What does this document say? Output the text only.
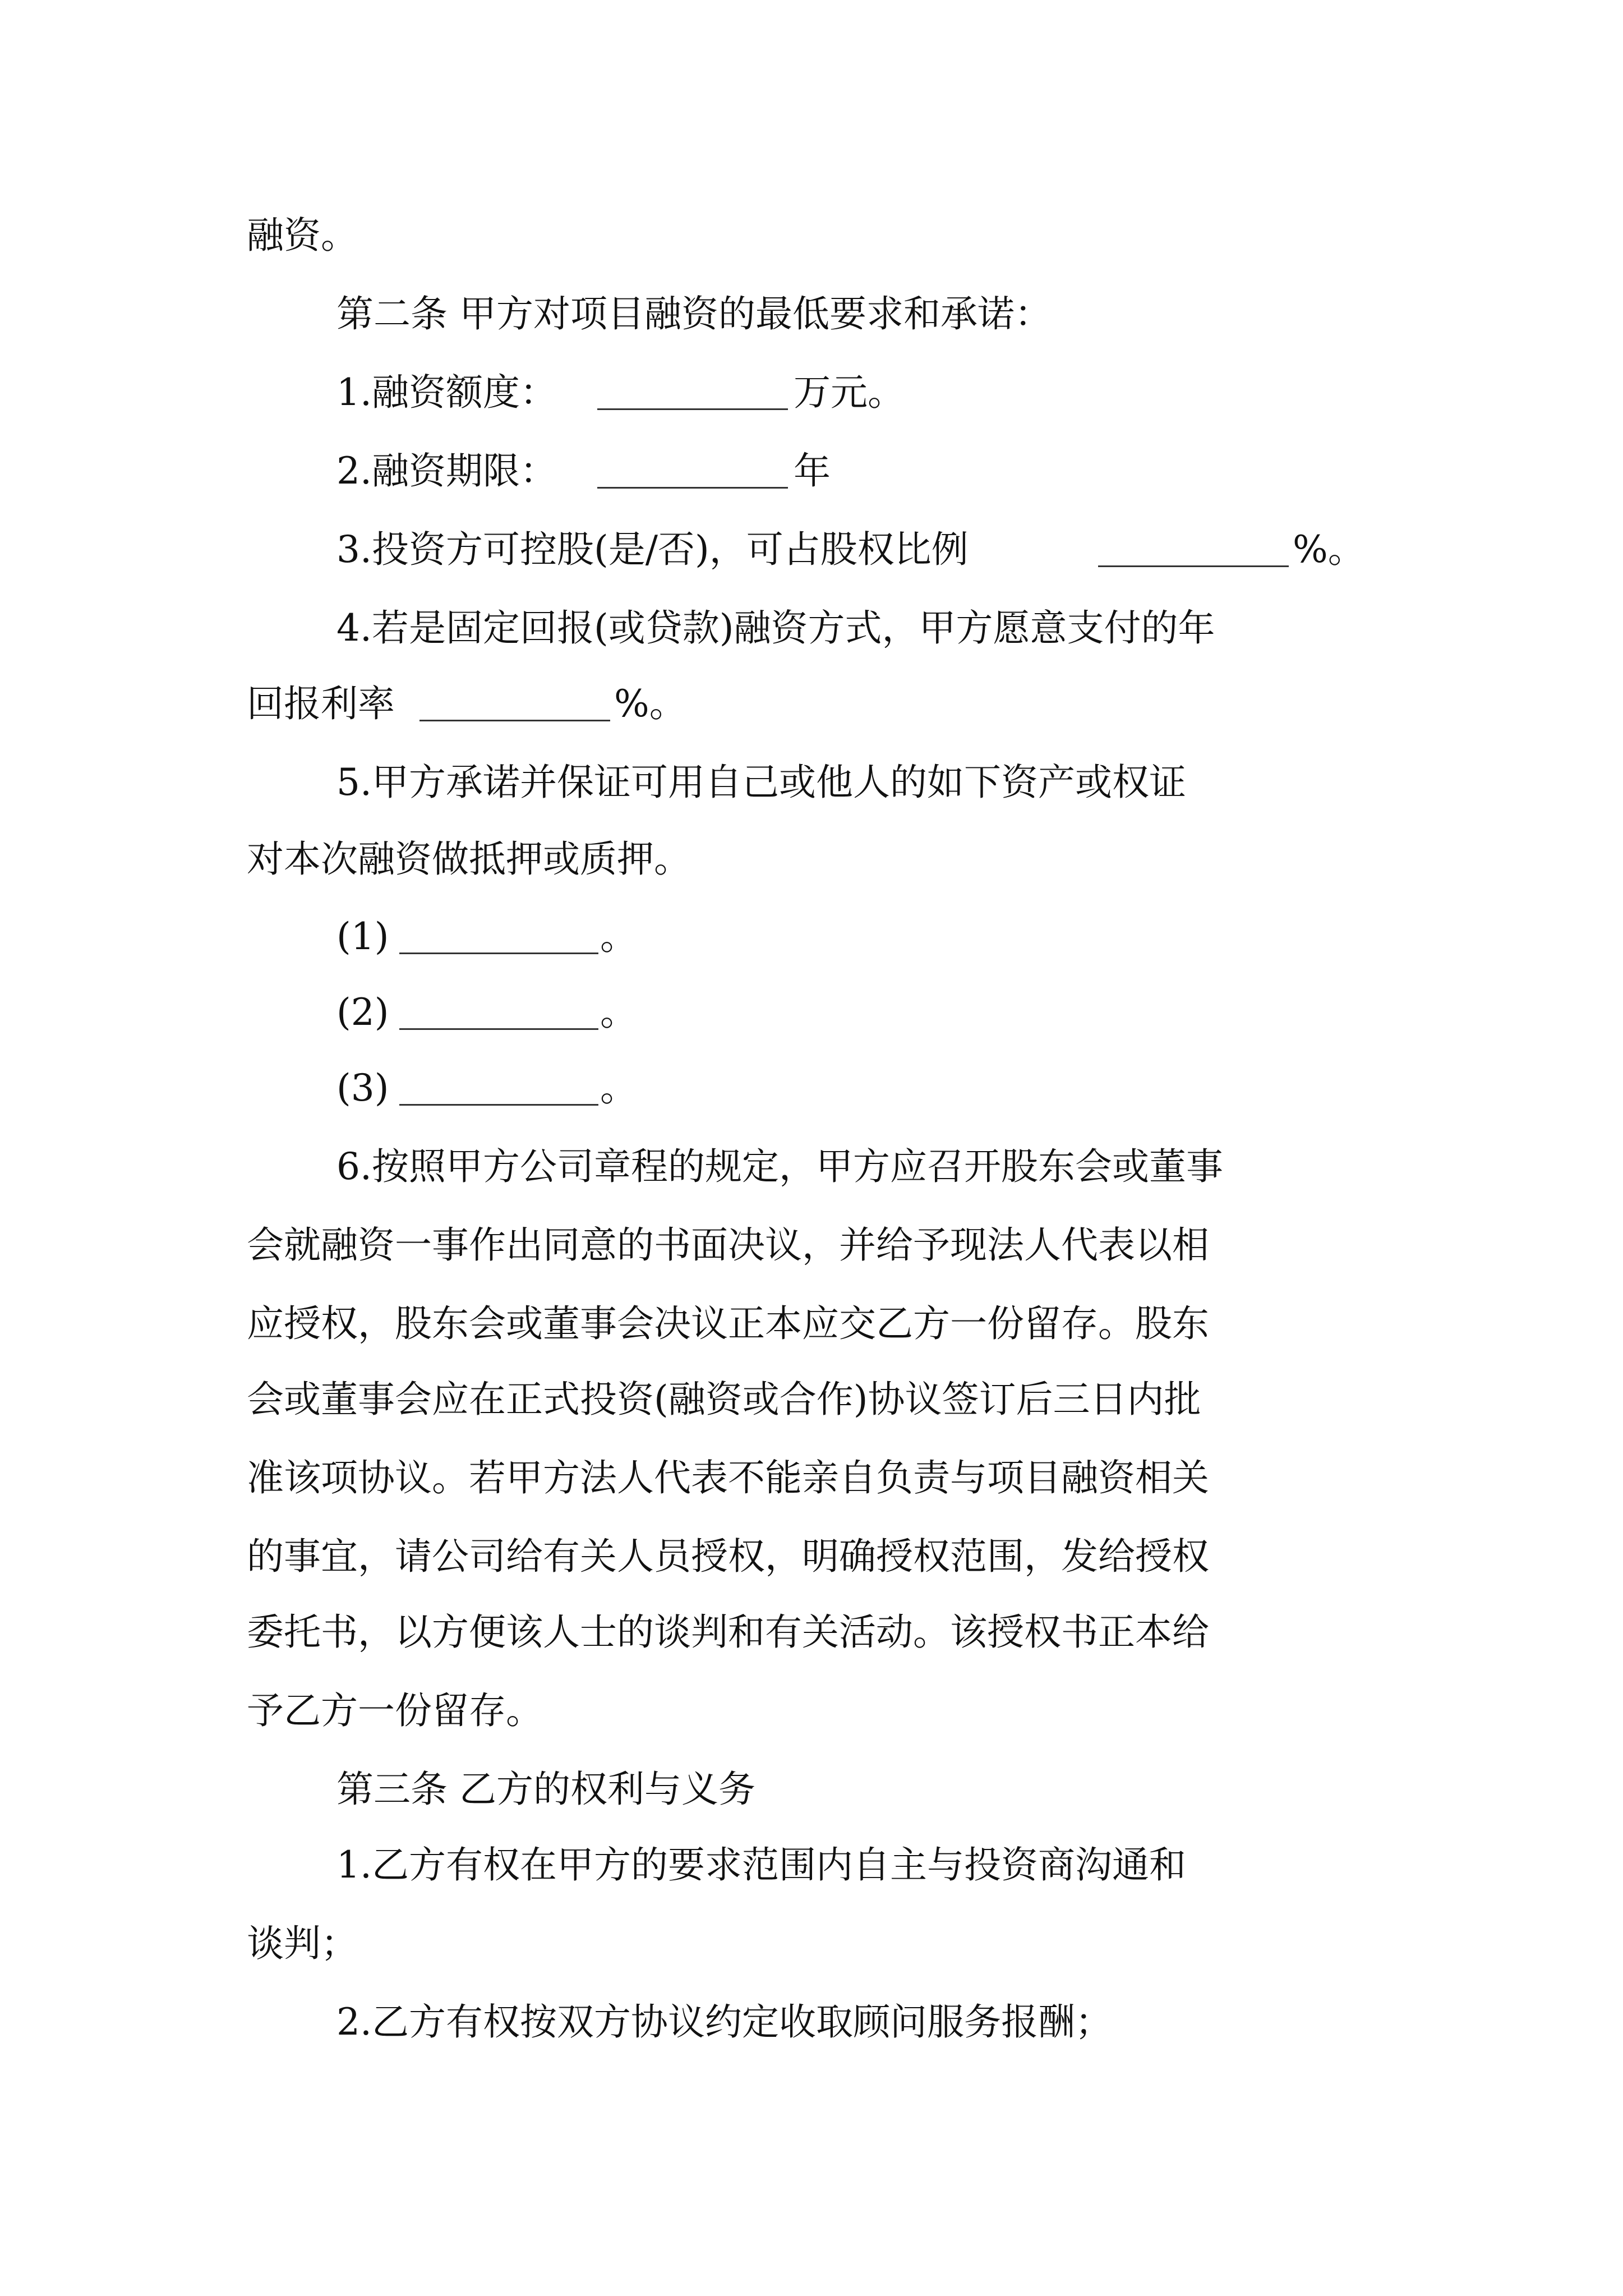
融资。
第二条 甲方对项目融资的最低要求和承诺：
1.融资额度：	万元。
2.融资期限：	年
3.投资方可控股(是/否)，可占股权比例	%。
4.若是固定回报(或贷款)融资方式，甲方愿意支付的年
回报利率	%。
5.甲方承诺并保证可用自己或他人的如下资产或权证
对本次融资做抵押或质押。
(1)	。
(2)	。
(3)	。
6.按照甲方公司章程的规定，甲方应召开股东会或董事
会就融资一事作出同意的书面决议，并给予现法人代表以相
应授权，股东会或董事会决议正本应交乙方一份留存。股东
会或董事会应在正式投资(融资或合作)协议签订后三日内批
准该项协议。若甲方法人代表不能亲自负责与项目融资相关
的事宜，请公司给有关人员授权，明确授权范围，发给授权
委托书，以方便该人士的谈判和有关活动。该授权书正本给
予乙方一份留存。
第三条 乙方的权利与义务
1.乙方有权在甲方的要求范围内自主与投资商沟通和
谈判；
2.乙方有权按双方协议约定收取顾问服务报酬；
